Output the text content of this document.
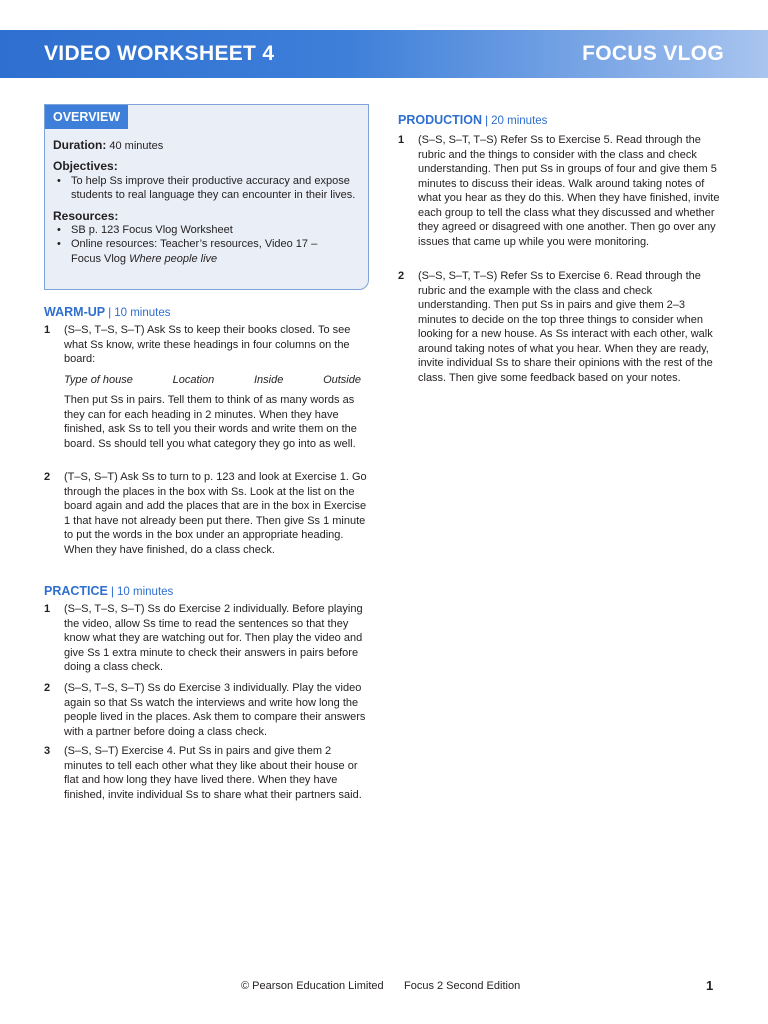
VIDEO WORKSHEET 4	FOCUS VLOG
OVERVIEW

Duration: 40 minutes

Objectives:
• To help Ss improve their productive accuracy and expose students to real language they can encounter in their lives.
Resources:
• SB p. 123 Focus Vlog Worksheet
• Online resources: Teacher’s resources, Video 17 –
Focus Vlog Where people live
WARM-UP | 10 minutes
1 (S–S, T–S, S–T) Ask Ss to keep their books closed. To see what Ss know, write these headings in four columns on the board:
Type of house	Location	Inside	Outside
Then put Ss in pairs. Tell them to think of as many words as they can for each heading in 2 minutes. When they have finished, ask Ss to tell you their words and write them on the board. Ss should tell you what category they go into as well.
2 (T–S, S–T) Ask Ss to turn to p. 123 and look at Exercise 1. Go through the places in the box with Ss. Look at the list on the board again and add the places that are in the box in Exercise 1 that have not already been put there. Then give Ss 1 minute to put the words in the box under an appropriate heading. When they have finished, do a class check.
PRACTICE | 10 minutes
1 (S–S, T–S, S–T) Ss do Exercise 2 individually. Before playing the video, allow Ss time to read the sentences so that they know what they are watching out for. Then play the video and give Ss 1 extra minute to check their answers in pairs before doing a class check.
2 (S–S, T–S, S–T) Ss do Exercise 3 individually. Play the video again so that Ss watch the interviews and write how long the people lived in the places. Ask them to compare their answers with a partner before doing a class check.
3 (S–S, S–T) Exercise 4. Put Ss in pairs and give them 2 minutes to tell each other what they like about their house or flat and how long they have lived there. When they have finished, invite individual Ss to share what their partners said.
PRODUCTION | 20 minutes
1 (S–S, S–T, T–S) Refer Ss to Exercise 5. Read through the rubric and the things to consider with the class and check understanding. Then put Ss in groups of four and give them 5 minutes to discuss their ideas. Walk around taking notes of what you hear as they do this. When they have finished, invite each group to tell the class what they discussed and whether they agreed or disagreed with one another. Then go over any issues that came up while you were monitoring.
2 (S–S, S–T, T–S) Refer Ss to Exercise 6. Read through the rubric and the example with the class and check understanding. Then put Ss in pairs and give them 2–3 minutes to decide on the top three things to consider when looking for a new house. As Ss interact with each other, walk around taking notes of what you hear. When they are ready, invite individual Ss to share their opinions with the rest of the class. Then give some feedback based on your notes.
© Pearson Education Limited Focus 2 Second Edition	1
